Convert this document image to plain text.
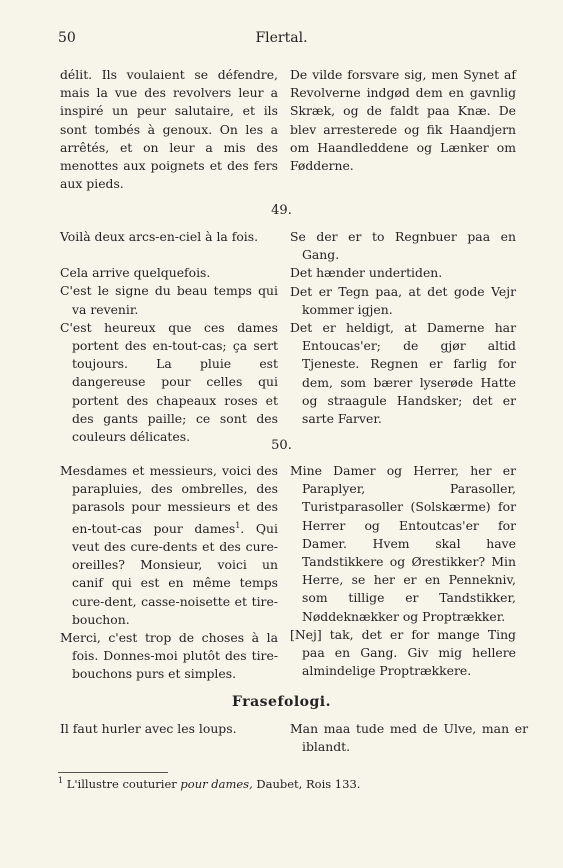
50	Flertal.
délit. Ils voulaient se défendre, mais la vue des revolvers leur a inspiré un peur salutaire, et ils sont tombés à genoux. On les a arrêtés, et on leur a mis des menottes aux poignets et des fers aux pieds.
De vilde forsvare sig, men Synet af Revolverne indgød dem en gavnlig Skræk, og de faldt paa Knæ. De blev arresterede og fik Haandjern om Haandleddene og Lænker om Fødderne.
49.

Voilà deux arcs-en-ciel à la fois.

Cela arrive quelquefois.

C'est le signe du beau temps qui va revenir.

C'est heureux que ces dames portent des en-tout-cas; ça sert toujours. La pluie est dangereuse pour celles qui portent des chapeaux roses et des gants paille; ce sont des couleurs délicates.

Se der er to Regnbuer paa en Gang.

Det hænder undertiden.

Det er Tegn paa, at det gode Vejr kommer igjen.

Det er heldigt, at Damerne har Entoucas'er; de gjør altid Tjeneste. Regnen er farlig for dem, som bærer lyserøde Hatte og straagule Handsker; det er sarte Farver.

50.

Mesdames et messieurs, voici des parapluies, des ombrelles, des parasols pour messieurs et des en-tout-cas pour dames$^1$. Qui veut des cure-dents et des cure-oreilles? Monsieur, voici un canif qui est en même temps cure-dent, casse-noisette et tire-bouchon.

Merci, c'est trop de choses à la fois. Donnes-moi plutôt des tire-bouchons purs et simples.

Mine Damer og Herrer, her er Paraplyer, Parasoller, Turistparasoller (Solskærme) for Herrer og Entoutcas'er for Damer. Hvem skal have Tandstikkere og Ørestikker? Min Herre, se her er en Pennekniv, som tillige er Tandstikker, Nøddeknækker og Proptrækker.

[Nej] tak, det er for mange Ting paa en Gang. Giv mig hellere almindelige Proptrækkere.

Frasefologi.
Il faut hurler avec les loups.	Man maa tude med de Ulve, man er iblandt.
$^1$ L'illustre couturier pour dames, Daubet, Rois 133.
